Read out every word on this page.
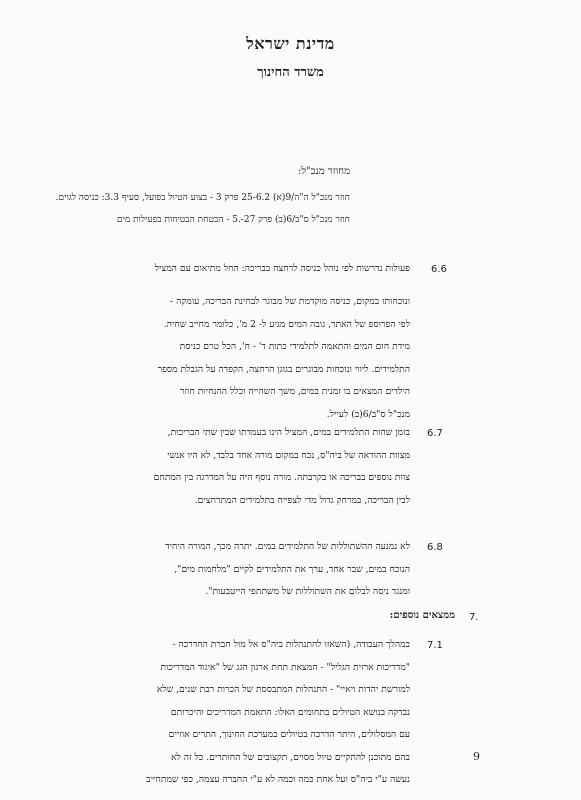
מדינת ישראל
משרד החינוך
מחוזר מנכ"ל:
חוזר מנכ"ל ה"ה/9(א) 25-6.2 פרק 3 - בצוע הטיול בפועל, סעיף 3.3: כניסה לגוים.
חוזר מנכ"ל ס"ב/6(ב) פרק 27-.5 - הבטחת הבטיחות בפעילות מים
6.6
פעולות נדרשות לפי נוהל כניסה לרחצה בבריכה: החל מתיאום עם המציל
ונוכחותו במקום, כניסה מוקדמת של מבוגר לבחינת הבריכה, עומקה -
לפי הפרוספ של האתר, גובה המים מגיע ל- 2 מ', כלומר מחייב שחיה.
מידת חום המים והתאמה לתלמידי כתות ד' - ח', הכל טרם כניסת
התלמידים. ליווי ונוכחות מבוגרים בגוגן הרחצה, הקפדה על הגבלת מספר
הילדים המצאים בו זמנית במים, משך השהייה וכלל ההנחיות חוזר
מנכ"ל ס"ב/6(ב) לעייל.
6.7
בזמן שהות התלמידים במים, המציל הינו בעמדתו שבין שתי הבריכות,
מצוות ההוראה של ביה"ס, נכח במקום מורה אחד בלבד, לא היו אנשי
צוות נוספים בבריכה או בקרבתה. מורה נוסף היה על המדרגה בין המתחם
לבין הבריכה, במרחק גדול מדי לצפייה בתלמידים המתרחצים.
6.8
לא נמנעה ההשתוללות של התלמידים במים. יתרה מכך, המורה היחיד
הנוכח במים, שבר אחד, ערך את התלמידים לקיים "מלחמות מים",
ומנגד ניסה לבלום את השתוללות של משתתפי הייטבעות".
7.
ממצאים נוספים:
7.1
במהלך העבודה, (השאזו להתנהלות ביה"ס אל מול חברת ההדרכה -
"מדריכות ארזית הגליל" - המצאת תחת ארגון הגג של "איגוד המדריכות
למורשת יהדות ויאיי" - התנהלות המתבססת של הכרות רבת שנים, שלא
נבדקה בנושא הטיולים בתחומים האלו: התאמת המדריכים והיכרותם
עם המסלולים, היתר הדרכה בטיולים במערכת החינוך, התרים אוזיים
בהם מתוכנן להתקיים טיול מסוים, תקצובים של החותרים. כל זה לא
נעשה ע"י ביה"ס ועל אחת כמה וכמה לא ע"י החברה עצמה, כפי שמתחייב
9
